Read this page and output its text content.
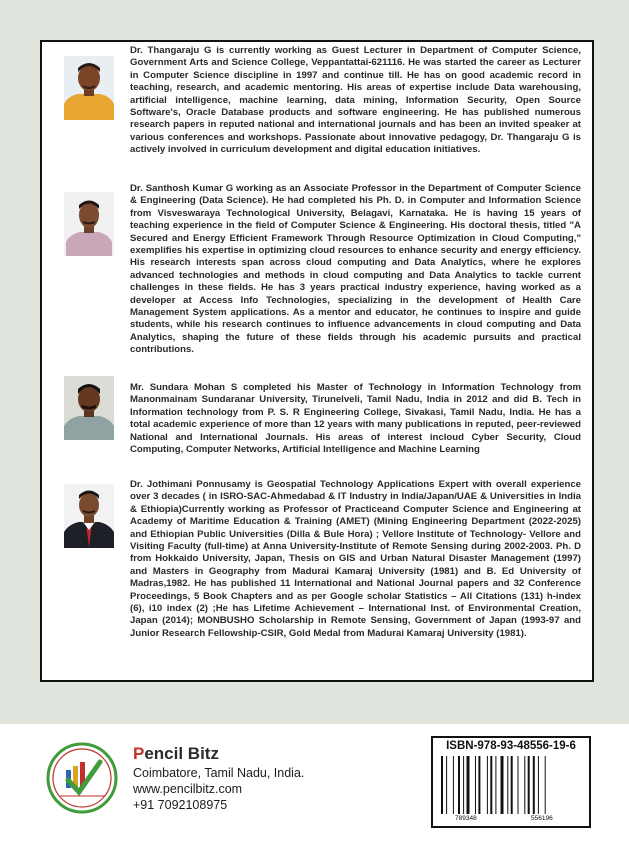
Dr. Thangaraju G is currently working as Guest Lecturer in Department of Computer Science, Government Arts and Science College, Veppantattai-621116. He was started the career as Lecturer in Computer Science discipline in 1997 and continue till. He has on good academic record in teaching, research, and academic mentoring. His areas of expertise include Data warehousing, artificial intelligence, machine learning, data mining, Information Security, Open Source Software's, Oracle Database products and software engineering. He has published numerous research papers in reputed national and international journals and has been an invited speaker at various conferences and workshops. Passionate about innovative pedagogy, Dr. Thangaraju G is actively involved in curriculum development and digital education initiatives.

Dr. Santhosh Kumar G working as an Associate Professor in the Department of Computer Science & Engineering (Data Science). He had completed his Ph. D. in Computer and Information Science from Visveswaraya Technological University, Belagavi, Karnataka. He is having 15 years of teaching experience in the field of Computer Science & Engineering. His doctoral thesis, titled "A Secured and Energy Efficient Framework Through Resource Optimization in Cloud Computing," exemplifies his expertise in optimizing cloud resources to enhance security and energy efficiency. His research interests span across cloud computing and Data Analytics, where he explores advanced technologies and methods in cloud computing and Data Analytics to tackle current challenges in these fields. He has 3 years practical industry experience, having worked as a developer at Access Info Technologies, specializing in the development of Health Care Management System applications. As a mentor and educator, he continues to inspire and guide students, while his research continues to influence advancements in cloud computing and Data Analytics, shaping the future of these fields through his academic pursuits and practical contributions.

Mr. Sundara Mohan S completed his Master of Technology in Information Technology from Manonmainam Sundaranar University, Tirunelveli, Tamil Nadu, India in 2012 and did B. Tech in Information technology from P. S. R Engineering College, Sivakasi, Tamil Nadu, India. He has a total academic experience of more than 12 years with many publications in reputed, peer-reviewed National and International Journals. His areas of interest incloud Cyber Security, Cloud Computing, Computer Networks, Artificial Intelligence and Machine Learning

Dr. Jothimani Ponnusamy is Geospatial Technology Applications Expert with overall experience over 3 decades ( in ISRO-SAC-Ahmedabad & IT Industry in India/Japan/UAE & Universities in India & Ethiopia)Currently working as Professor of Practiceand Computer Science and Engineering at Academy of Maritime Education & Training (AMET) (Mining Engineering Department (2022-2025) and Ethiopian Public Universities (Dilla & Bule Hora) ; Vellore Institute of Technology- Vellore and Visiting Faculty (full-time) at Anna University-Institute of Remote Sensing during 2002-2003. Ph. D from Hokkaido University, Japan, Thesis on GIS and Urban Natural Disaster Management (1997) and Masters in Geography from Madurai Kamaraj University (1981) and B. Ed University of Madras,1982. He has published 11 International and National Journal papers and 32 Conference Proceedings, 5 Book Chapters and as per Google scholar Statistics – All Citations (131) h-index (6), i10 index (2) ;He has Lifetime Achievement – International Inst. of Environmental Creation, Japan (2014); MONBUSHO Scholarship in Remote Sensing, Government of Japan (1993-97 and Junior Research Fellowship-CSIR, Gold Medal from Madurai Kamaraj University (1981).

Pencil Bitz
Coimbatore, Tamil Nadu, India.
www.pencilbitz.com
+91 7092108975
ISBN-978-93-48556-19-6
789348	556196
